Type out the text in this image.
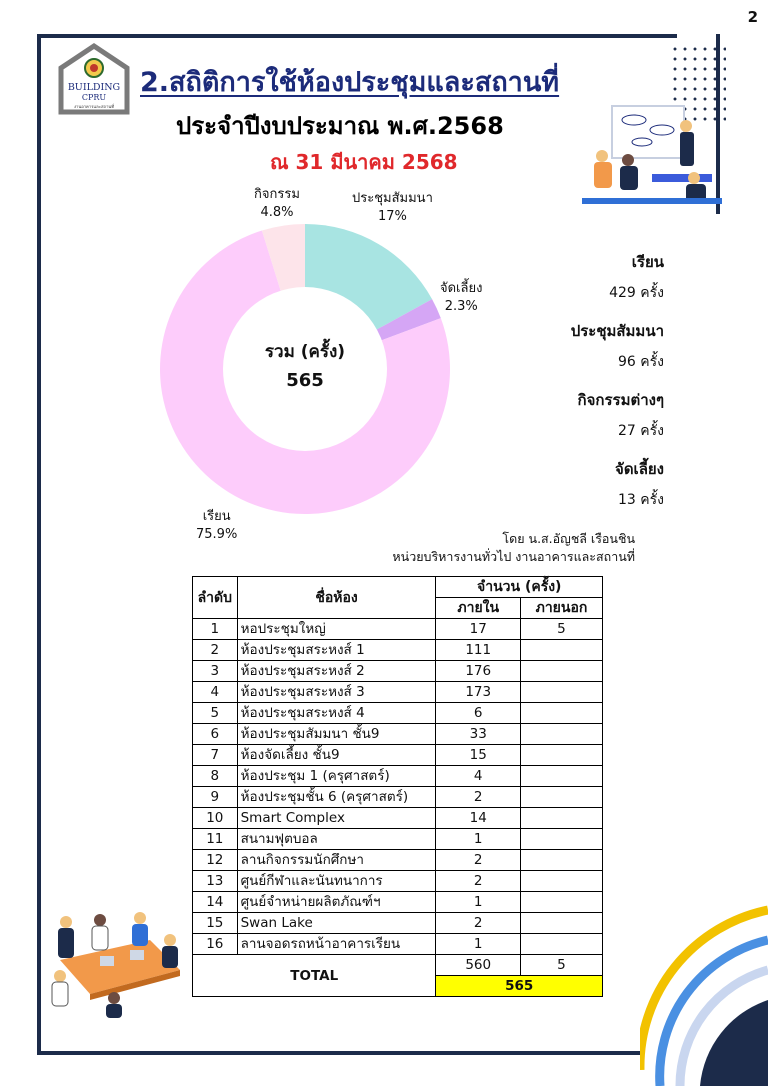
2
BUILDING
CPRU
งานอาคารและสถานที่
2.สถิติการใช้ห้องประชุมและสถานที่
ประจำปีงบประมาณ พ.ศ.2568
ณ 31 มีนาคม 2568
กิจกรรม
4.8%
ประชุมสัมมนา
17%
จัดเลี้ยง
2.3%
เรียน
75.9%
รวม (ครั้ง)
565
เรียน
429 ครั้ง
ประชุมสัมมนา
96 ครั้ง
กิจกรรมต่างๆ
27 ครั้ง
จัดเลี้ยง
13 ครั้ง
โดย น.ส.อัญชลี เรือนชิน
หน่วยบริหารงานทั่วไป งานอาคารและสถานที่
ลำดับ	ชื่อห้อง	จำนวน (ครั้ง)	
		ภายใน	ภายนอก
1	หอประชุมใหญ่	17	5
2	ห้องประชุมสระหงส์ 1	111	
3	ห้องประชุมสระหงส์ 2	176	
4	ห้องประชุมสระหงส์ 3	173	
5	ห้องประชุมสระหงส์ 4	6	
6	ห้องประชุมสัมมนา ชั้น9	33	
7	ห้องจัดเลี้ยง ชั้น9	15	
8	ห้องประชุม 1 (ครุศาสตร์)	4	
9	ห้องประชุมชั้น 6 (ครุศาสตร์)	2	
10	Smart Complex	14	
11	สนามฟุตบอล	1	
12	ลานกิจกรรมนักศึกษา	2	
13	ศูนย์กีฬาและนันทนาการ	2	
14	ศูนย์จำหน่ายผลิตภัณฑ์ฯ	1	
15	Swan Lake	2	
16	ลานจอดรถหน้าอาคารเรียน	1	
TOTAL		560	5
		565	
